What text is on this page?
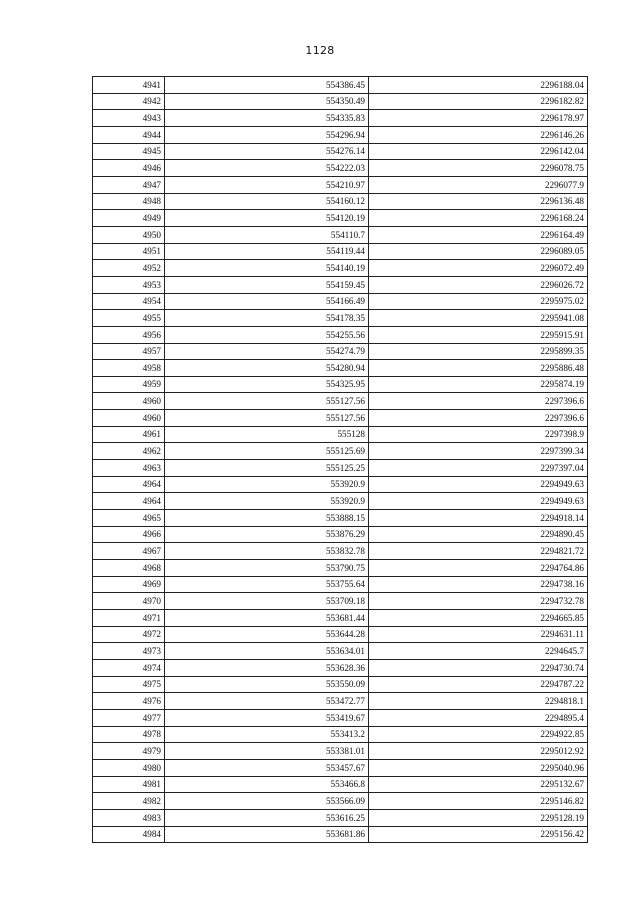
1128
4941	554386.45	2296188.04
4942	554350.49	2296182.82
4943	554335.83	2296178.97
4944	554296.94	2296146.26
4945	554276.14	2296142.04
4946	554222.03	2296078.75
4947	554210.97	2296077.9
4948	554160.12	2296136.48
4949	554120.19	2296168.24
4950	554110.7	2296164.49
4951	554119.44	2296089.05
4952	554140.19	2296072.49
4953	554159.45	2296026.72
4954	554166.49	2295975.02
4955	554178.35	2295941.08
4956	554255.56	2295915.91
4957	554274.79	2295899.35
4958	554280.94	2295886.48
4959	554325.95	2295874.19
4960	555127.56	2297396.6
4960	555127.56	2297396.6
4961	555128	2297398.9
4962	555125.69	2297399.34
4963	555125.25	2297397.04
4964	553920.9	2294949.63
4964	553920.9	2294949.63
4965	553888.15	2294918.14
4966	553876.29	2294890.45
4967	553832.78	2294821.72
4968	553790.75	2294764.86
4969	553755.64	2294738.16
4970	553709.18	2294732.78
4971	553681.44	2294665.85
4972	553644.28	2294631.11
4973	553634.01	2294645.7
4974	553628.36	2294730.74
4975	553550.09	2294787.22
4976	553472.77	2294818.1
4977	553419.67	2294895.4
4978	553413.2	2294922.85
4979	553381.01	2295012.92
4980	553457.67	2295040.96
4981	553466.8	2295132.67
4982	553566.09	2295146.82
4983	553616.25	2295128.19
4984	553681.86	2295156.42
